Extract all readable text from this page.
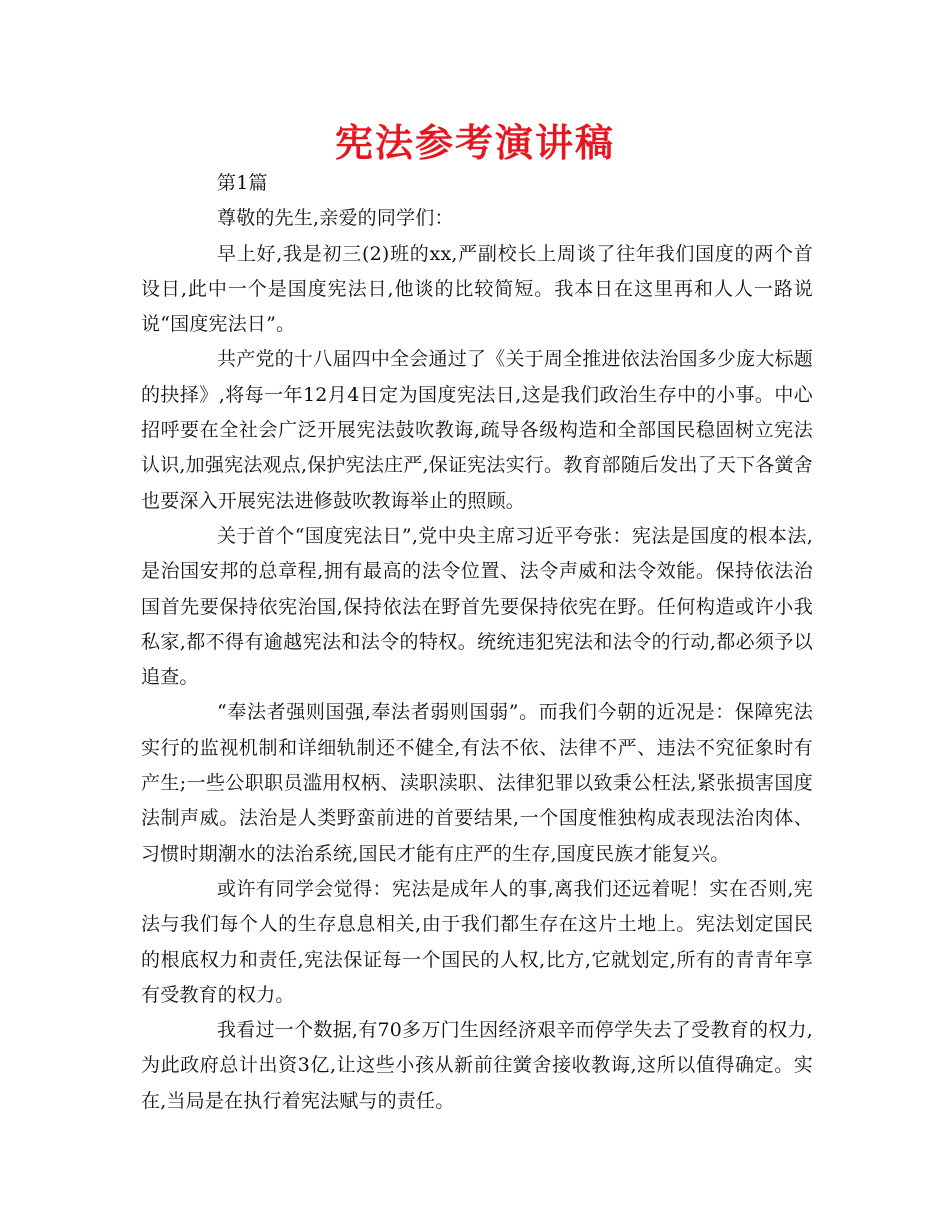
宪法参考演讲稿

第1篇

尊敬的先生,亲爱的同学们：

早上好,我是初三(2)班的xx,严副校长上周谈了往年我们国度的两个首设日,此中一个是国度宪法日,他谈的比较简短。我本日在这里再和人人一路说说“国度宪法日”。

共产党的十八届四中全会通过了《关于周全推进依法治国多少庞大标题的抉择》,将每一年12月4日定为国度宪法日,这是我们政治生存中的小事。中心招呼要在全社会广泛开展宪法鼓吹教诲,疏导各级构造和全部国民稳固树立宪法认识,加强宪法观点,保护宪法庄严,保证宪法实行。教育部随后发出了天下各黉舍也要深入开展宪法进修鼓吹教诲举止的照顾。

关于首个“国度宪法日”,党中央主席习近平夸张：宪法是国度的根本法,是治国安邦的总章程,拥有最高的法令位置、法令声威和法令效能。保持依法治国首先要保持依宪治国,保持依法在野首先要保持依宪在野。任何构造或许小我私家,都不得有逾越宪法和法令的特权。统统违犯宪法和法令的行动,都必须予以追查。

“奉法者强则国强,奉法者弱则国弱”。而我们今朝的近况是：保障宪法实行的监视机制和详细轨制还不健全,有法不依、法律不严、违法不究征象时有产生;一些公职职员滥用权柄、渎职渎职、法律犯罪以致秉公枉法,紧张损害国度法制声威。法治是人类野蛮前进的首要结果,一个国度惟独构成表现法治肉体、习惯时期潮水的法治系统,国民才能有庄严的生存,国度民族才能复兴。

或许有同学会觉得：宪法是成年人的事,离我们还远着呢！实在否则,宪法与我们每个人的生存息息相关,由于我们都生存在这片土地上。宪法划定国民的根底权力和责任,宪法保证每一个国民的人权,比方,它就划定,所有的青青年享有受教育的权力。

我看过一个数据,有70多万门生因经济艰辛而停学失去了受教育的权力,为此政府总计出资3亿,让这些小孩从新前往黉舍接收教诲,这所以值得确定。实在,当局是在执行着宪法赋与的责任。
